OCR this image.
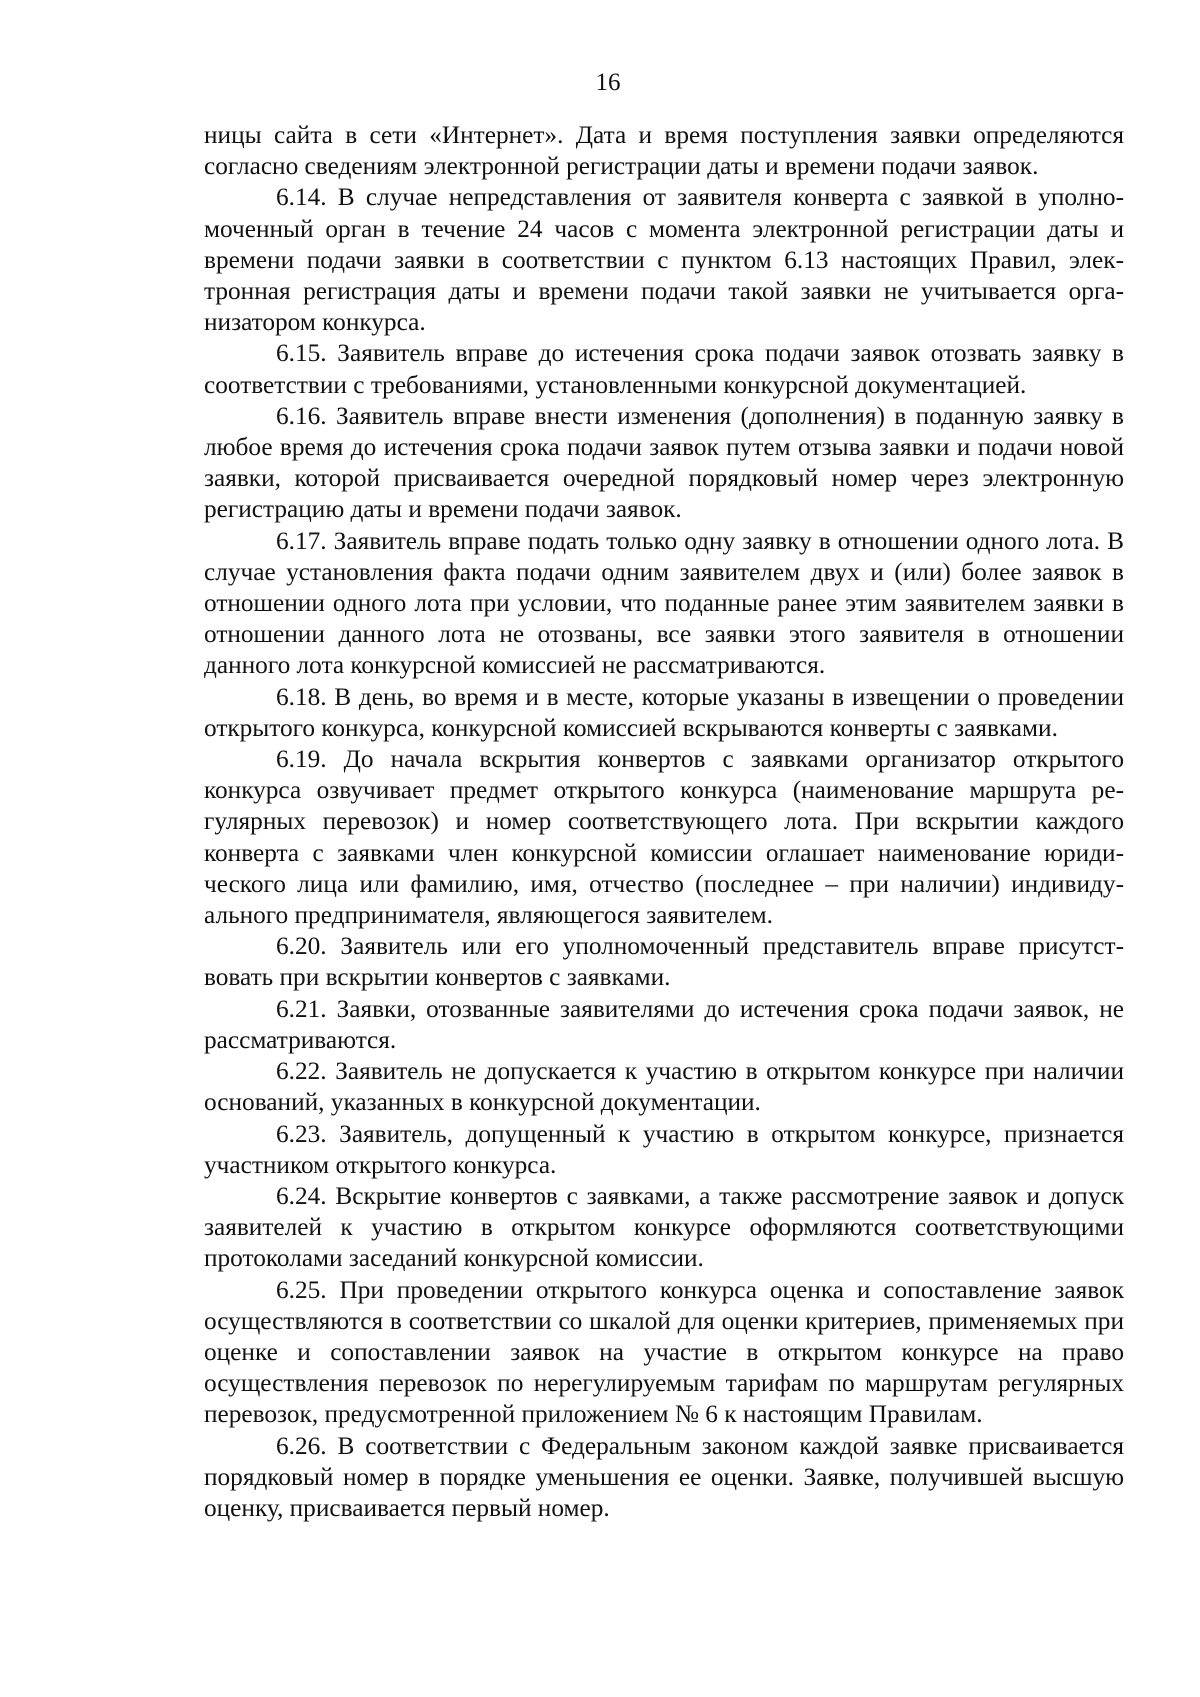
16

ницы сайта в сети «Интернет». Дата и время поступления заявки определяются согласно сведениям электронной регистрации даты и времени подачи заявок.

6.14. В случае непредставления от заявителя конверта с заявкой в уполномоченный орган в течение 24 часов с момента электронной регистрации даты и времени подачи заявки в соответствии с пунктом 6.13 настоящих Правил, электронная регистрация даты и времени подачи такой заявки не учитывается организатором конкурса.

6.15. Заявитель вправе до истечения срока подачи заявок отозвать заявку в соответствии с требованиями, установленными конкурсной документацией.

6.16. Заявитель вправе внести изменения (дополнения) в поданную заявку в любое время до истечения срока подачи заявок путем отзыва заявки и подачи новой заявки, которой присваивается очередной порядковый номер через электронную регистрацию даты и времени подачи заявок.

6.17. Заявитель вправе подать только одну заявку в отношении одного лота. В случае установления факта подачи одним заявителем двух и (или) более заявок в отношении одного лота при условии, что поданные ранее этим заявителем заявки в отношении данного лота не отозваны, все заявки этого заявителя в отношении данного лота конкурсной комиссией не рассматриваются.

6.18. В день, во время и в месте, которые указаны в извещении о проведении открытого конкурса, конкурсной комиссией вскрываются конверты с заявками.

6.19. До начала вскрытия конвертов с заявками организатор открытого конкурса озвучивает предмет открытого конкурса (наименование маршрута регулярных перевозок) и номер соответствующего лота. При вскрытии каждого конверта с заявками член конкурсной комиссии оглашает наименование юридического лица или фамилию, имя, отчество (последнее – при наличии) индивидуального предпринимателя, являющегося заявителем.

6.20. Заявитель или его уполномоченный представитель вправе присутствовать при вскрытии конвертов с заявками.

6.21. Заявки, отозванные заявителями до истечения срока подачи заявок, не рассматриваются.

6.22. Заявитель не допускается к участию в открытом конкурсе при наличии оснований, указанных в конкурсной документации.

6.23. Заявитель, допущенный к участию в открытом конкурсе, признается участником открытого конкурса.

6.24. Вскрытие конвертов с заявками, а также рассмотрение заявок и допуск заявителей к участию в открытом конкурсе оформляются соответствующими протоколами заседаний конкурсной комиссии.

6.25. При проведении открытого конкурса оценка и сопоставление заявок осуществляются в соответствии со шкалой для оценки критериев, применяемых при оценке и сопоставлении заявок на участие в открытом конкурсе на право осуществления перевозок по нерегулируемым тарифам по маршрутам регулярных перевозок, предусмотренной приложением № 6 к настоящим Правилам.

6.26. В соответствии с Федеральным законом каждой заявке присваивается порядковый номер в порядке уменьшения ее оценки. Заявке, получившей высшую оценку, присваивается первый номер.
